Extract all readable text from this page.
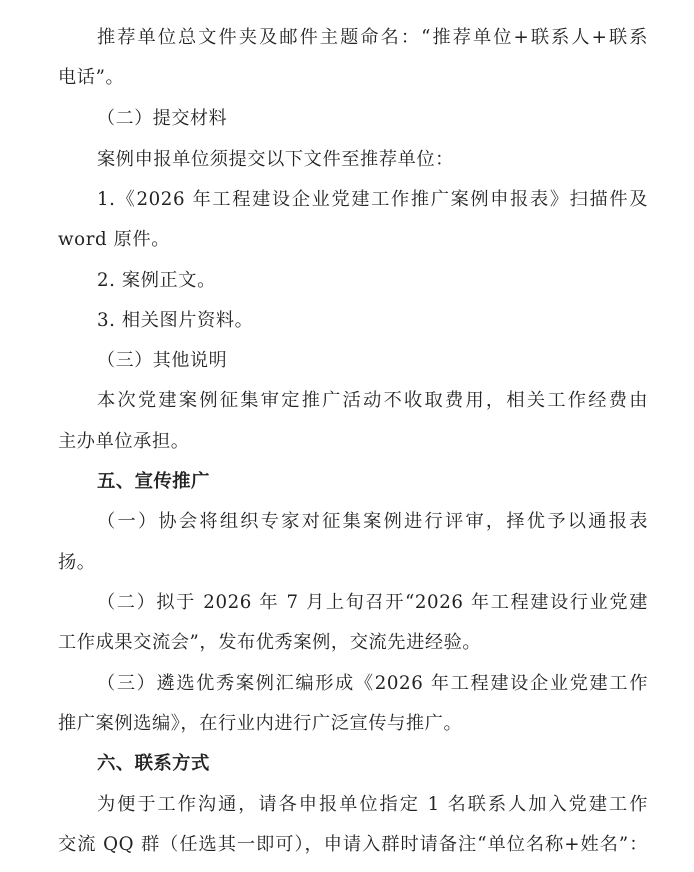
推荐单位总文件夹及邮件主题命名：“推荐单位+联系人+联系
电话”。
（二）提交材料
案例申报单位须提交以下文件至推荐单位：
1.《2026 年工程建设企业党建工作推广案例申报表》扫描件及
word 原件。
2. 案例正文。
3. 相关图片资料。
（三）其他说明
本次党建案例征集审定推广活动不收取费用，相关工作经费由
主办单位承担。
五、宣传推广
（一）协会将组织专家对征集案例进行评审，择优予以通报表
扬。
（二）拟于 2026 年 7 月上旬召开“2026 年工程建设行业党建
工作成果交流会”，发布优秀案例，交流先进经验。
（三）遴选优秀案例汇编形成《2026 年工程建设企业党建工作
推广案例选编》，在行业内进行广泛宣传与推广。
六、联系方式
为便于工作沟通，请各申报单位指定 1 名联系人加入党建工作
交流 QQ 群（任选其一即可），申请入群时请备注“单位名称+姓名”：
